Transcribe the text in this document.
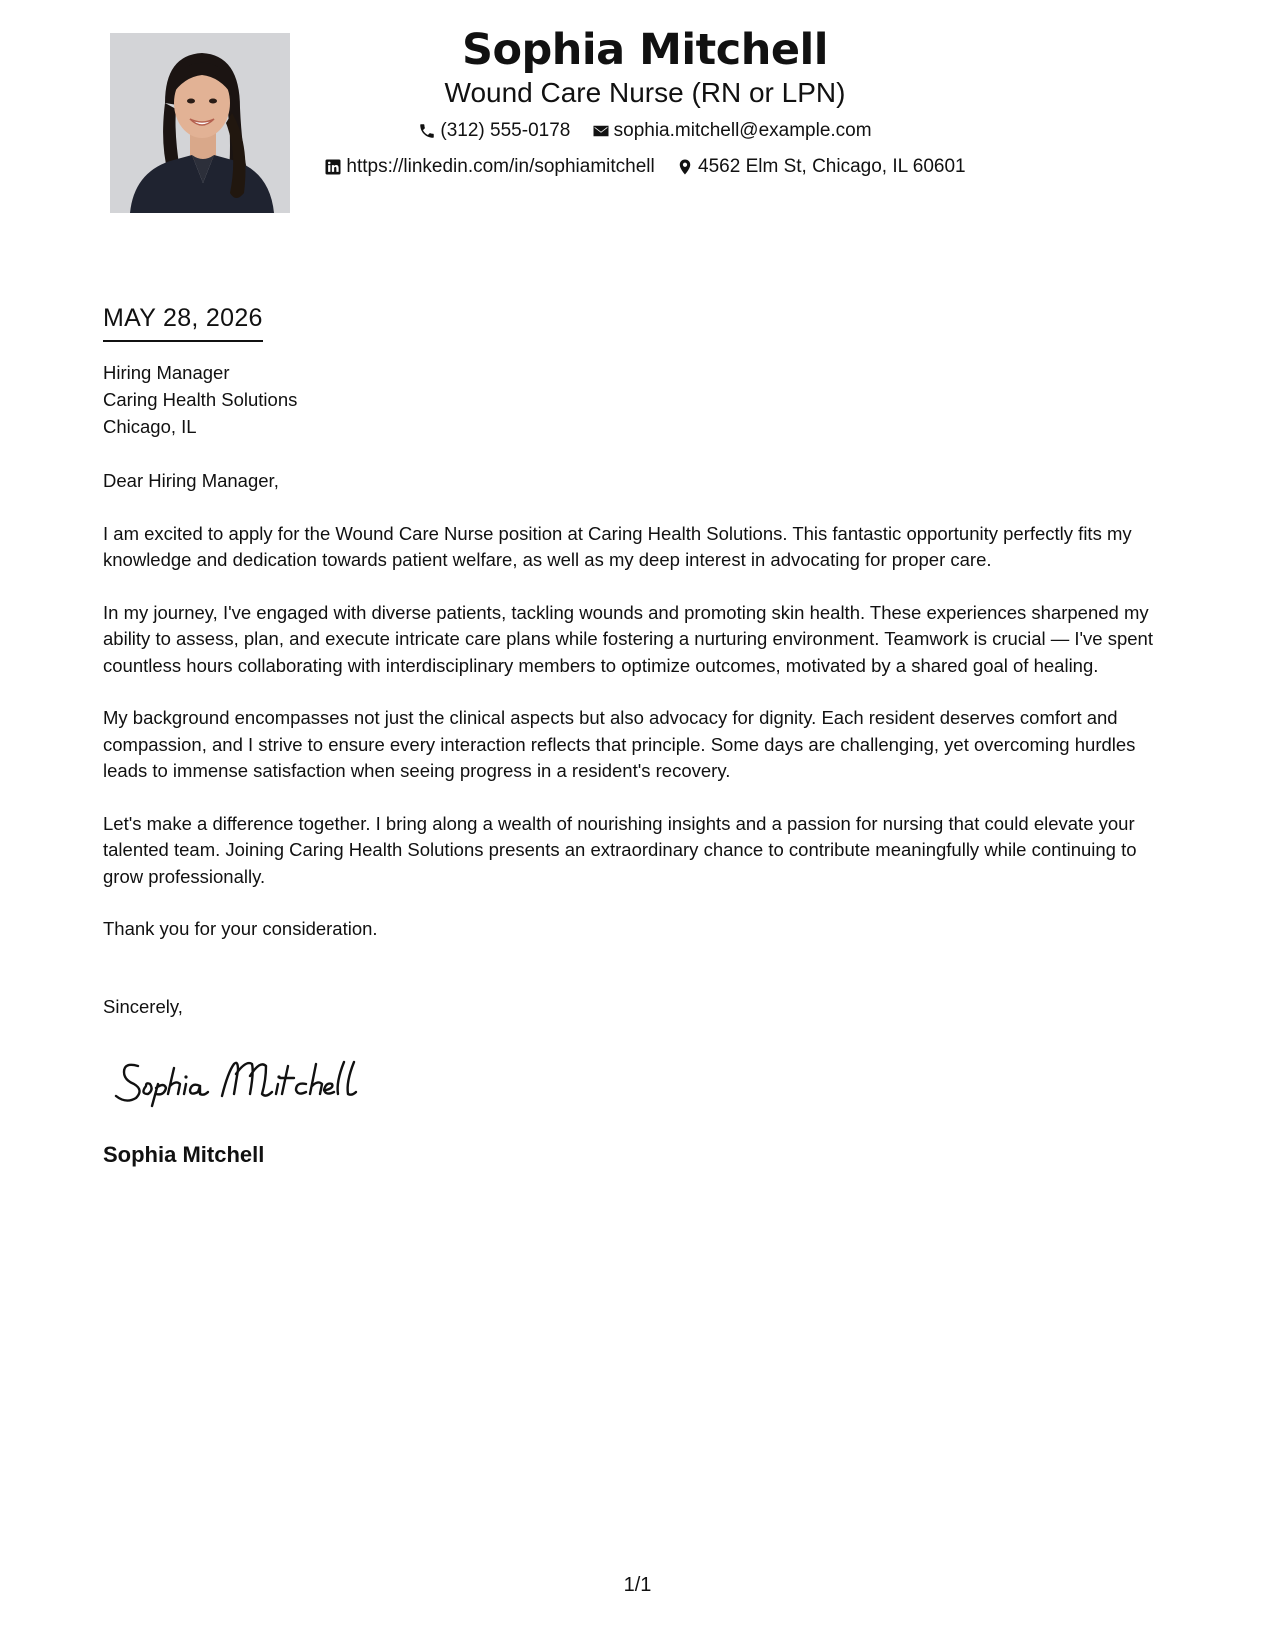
Sophia Mitchell
Wound Care Nurse (RN or LPN)
(312) 555-0178
sophia.mitchell@example.com
https://linkedin.com/in/sophiamitchell
4562 Elm St, Chicago, IL 60601
MAY 28, 2026
Hiring Manager
Caring Health Solutions
Chicago, IL

Dear Hiring Manager,

I am excited to apply for the Wound Care Nurse position at Caring Health Solutions. This fantastic opportunity perfectly fits my knowledge and dedication towards patient welfare, as well as my deep interest in advocating for proper care.

In my journey, I've engaged with diverse patients, tackling wounds and promoting skin health. These experiences sharpened my ability to assess, plan, and execute intricate care plans while fostering a nurturing environment. Teamwork is crucial — I've spent countless hours collaborating with interdisciplinary members to optimize outcomes, motivated by a shared goal of healing.

My background encompasses not just the clinical aspects but also advocacy for dignity. Each resident deserves comfort and compassion, and I strive to ensure every interaction reflects that principle. Some days are challenging, yet overcoming hurdles leads to immense satisfaction when seeing progress in a resident's recovery.

Let's make a difference together. I bring along a wealth of nourishing insights and a passion for nursing that could elevate your talented team. Joining Caring Health Solutions presents an extraordinary chance to contribute meaningfully while continuing to grow professionally.

Thank you for your consideration.

Sincerely,
Sophia Mitchell
1/1
